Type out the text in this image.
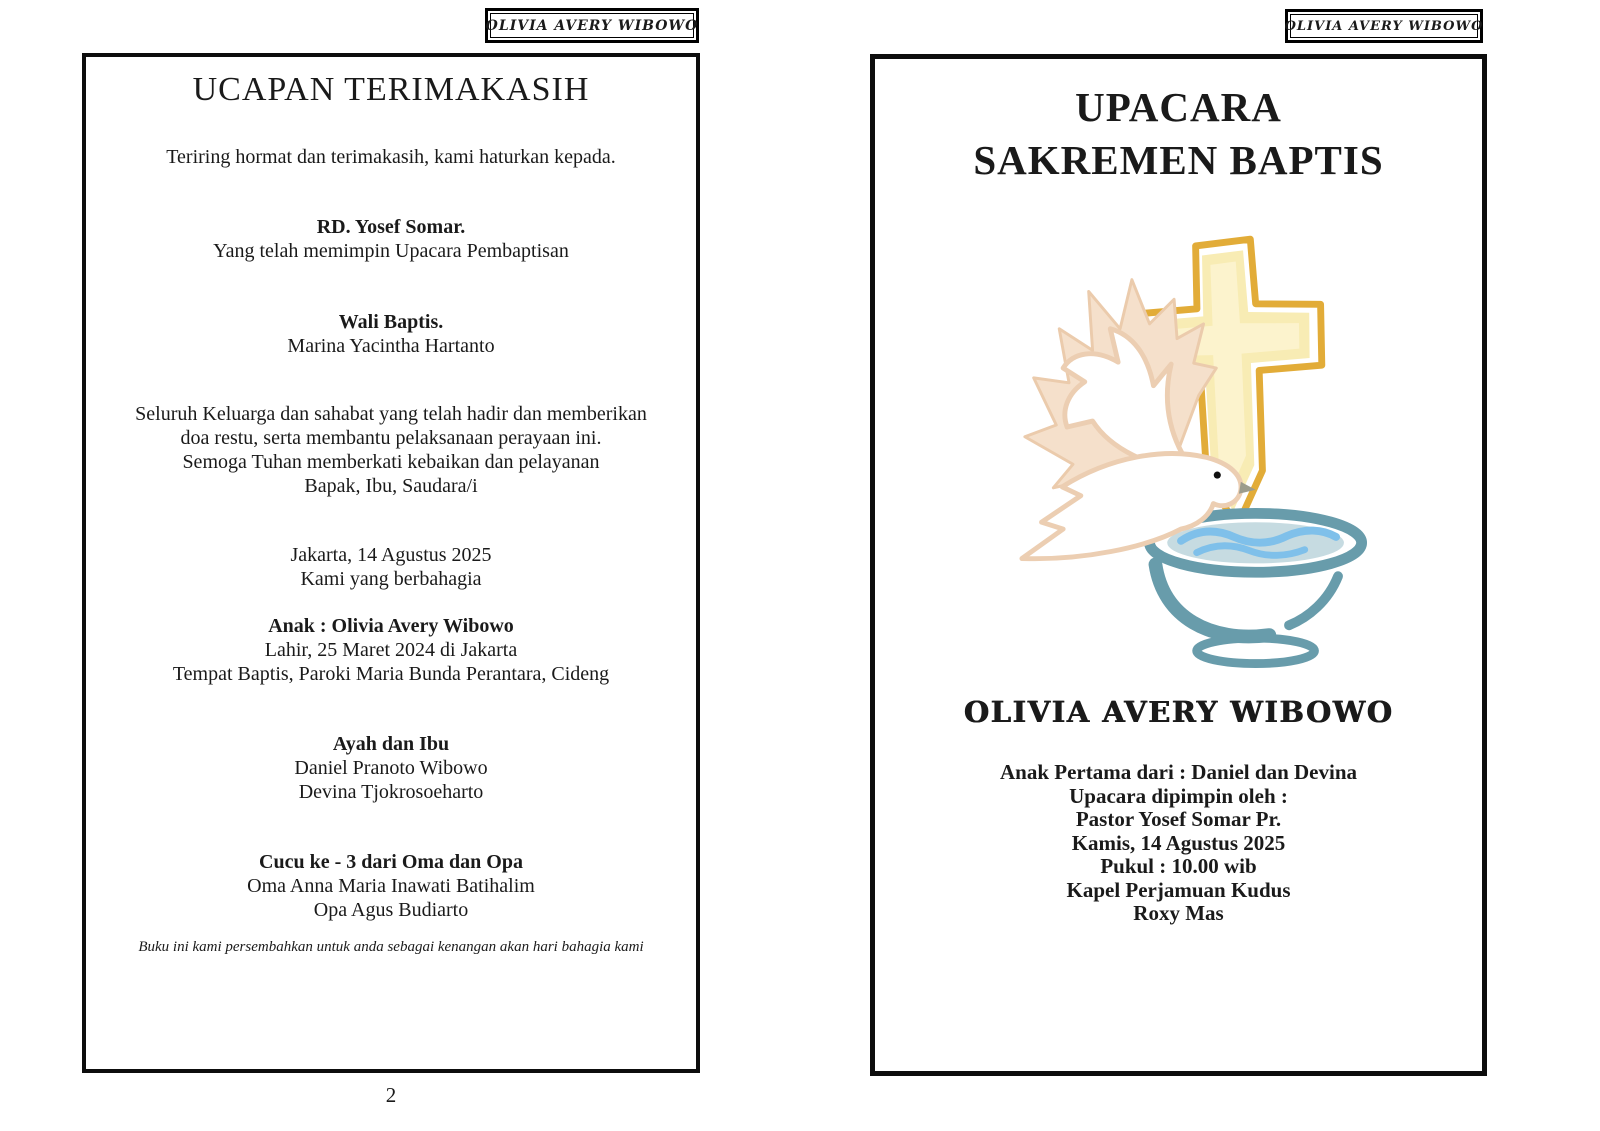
OLIVIA AVERY WIBOWO	OLIVIA AVERY WIBOWO
UCAPAN TERIMAKASIH
Teriring hormat dan terimakasih, kami haturkan kepada.
RD. Yosef Somar.
Yang telah memimpin Upacara Pembaptisan
Wali Baptis.
Marina Yacintha Hartanto
Seluruh Keluarga dan sahabat yang telah hadir dan memberikan
doa restu, serta membantu pelaksanaan perayaan ini.
Semoga Tuhan memberkati kebaikan dan pelayanan
Bapak, Ibu, Saudara/i
Jakarta, 14 Agustus 2025
Kami yang berbahagia
Anak : Olivia Avery Wibowo
Lahir, 25 Maret 2024 di Jakarta
Tempat Baptis, Paroki Maria Bunda Perantara, Cideng
Ayah dan Ibu
Daniel Pranoto Wibowo
Devina Tjokrosoeharto
Cucu ke - 3 dari Oma dan Opa
Oma Anna Maria Inawati Batihalim
Opa Agus Budiarto
Buku ini kami persembahkan untuk anda sebagai kenangan akan hari bahagia kami
2
UPACARA
SAKREMEN BAPTIS
OLIVIA AVERY WIBOWO
Anak Pertama dari : Daniel dan Devina
Upacara dipimpin oleh :
Pastor Yosef Somar Pr.
Kamis, 14 Agustus 2025
Pukul : 10.00 wib
Kapel Perjamuan Kudus
Roxy Mas
